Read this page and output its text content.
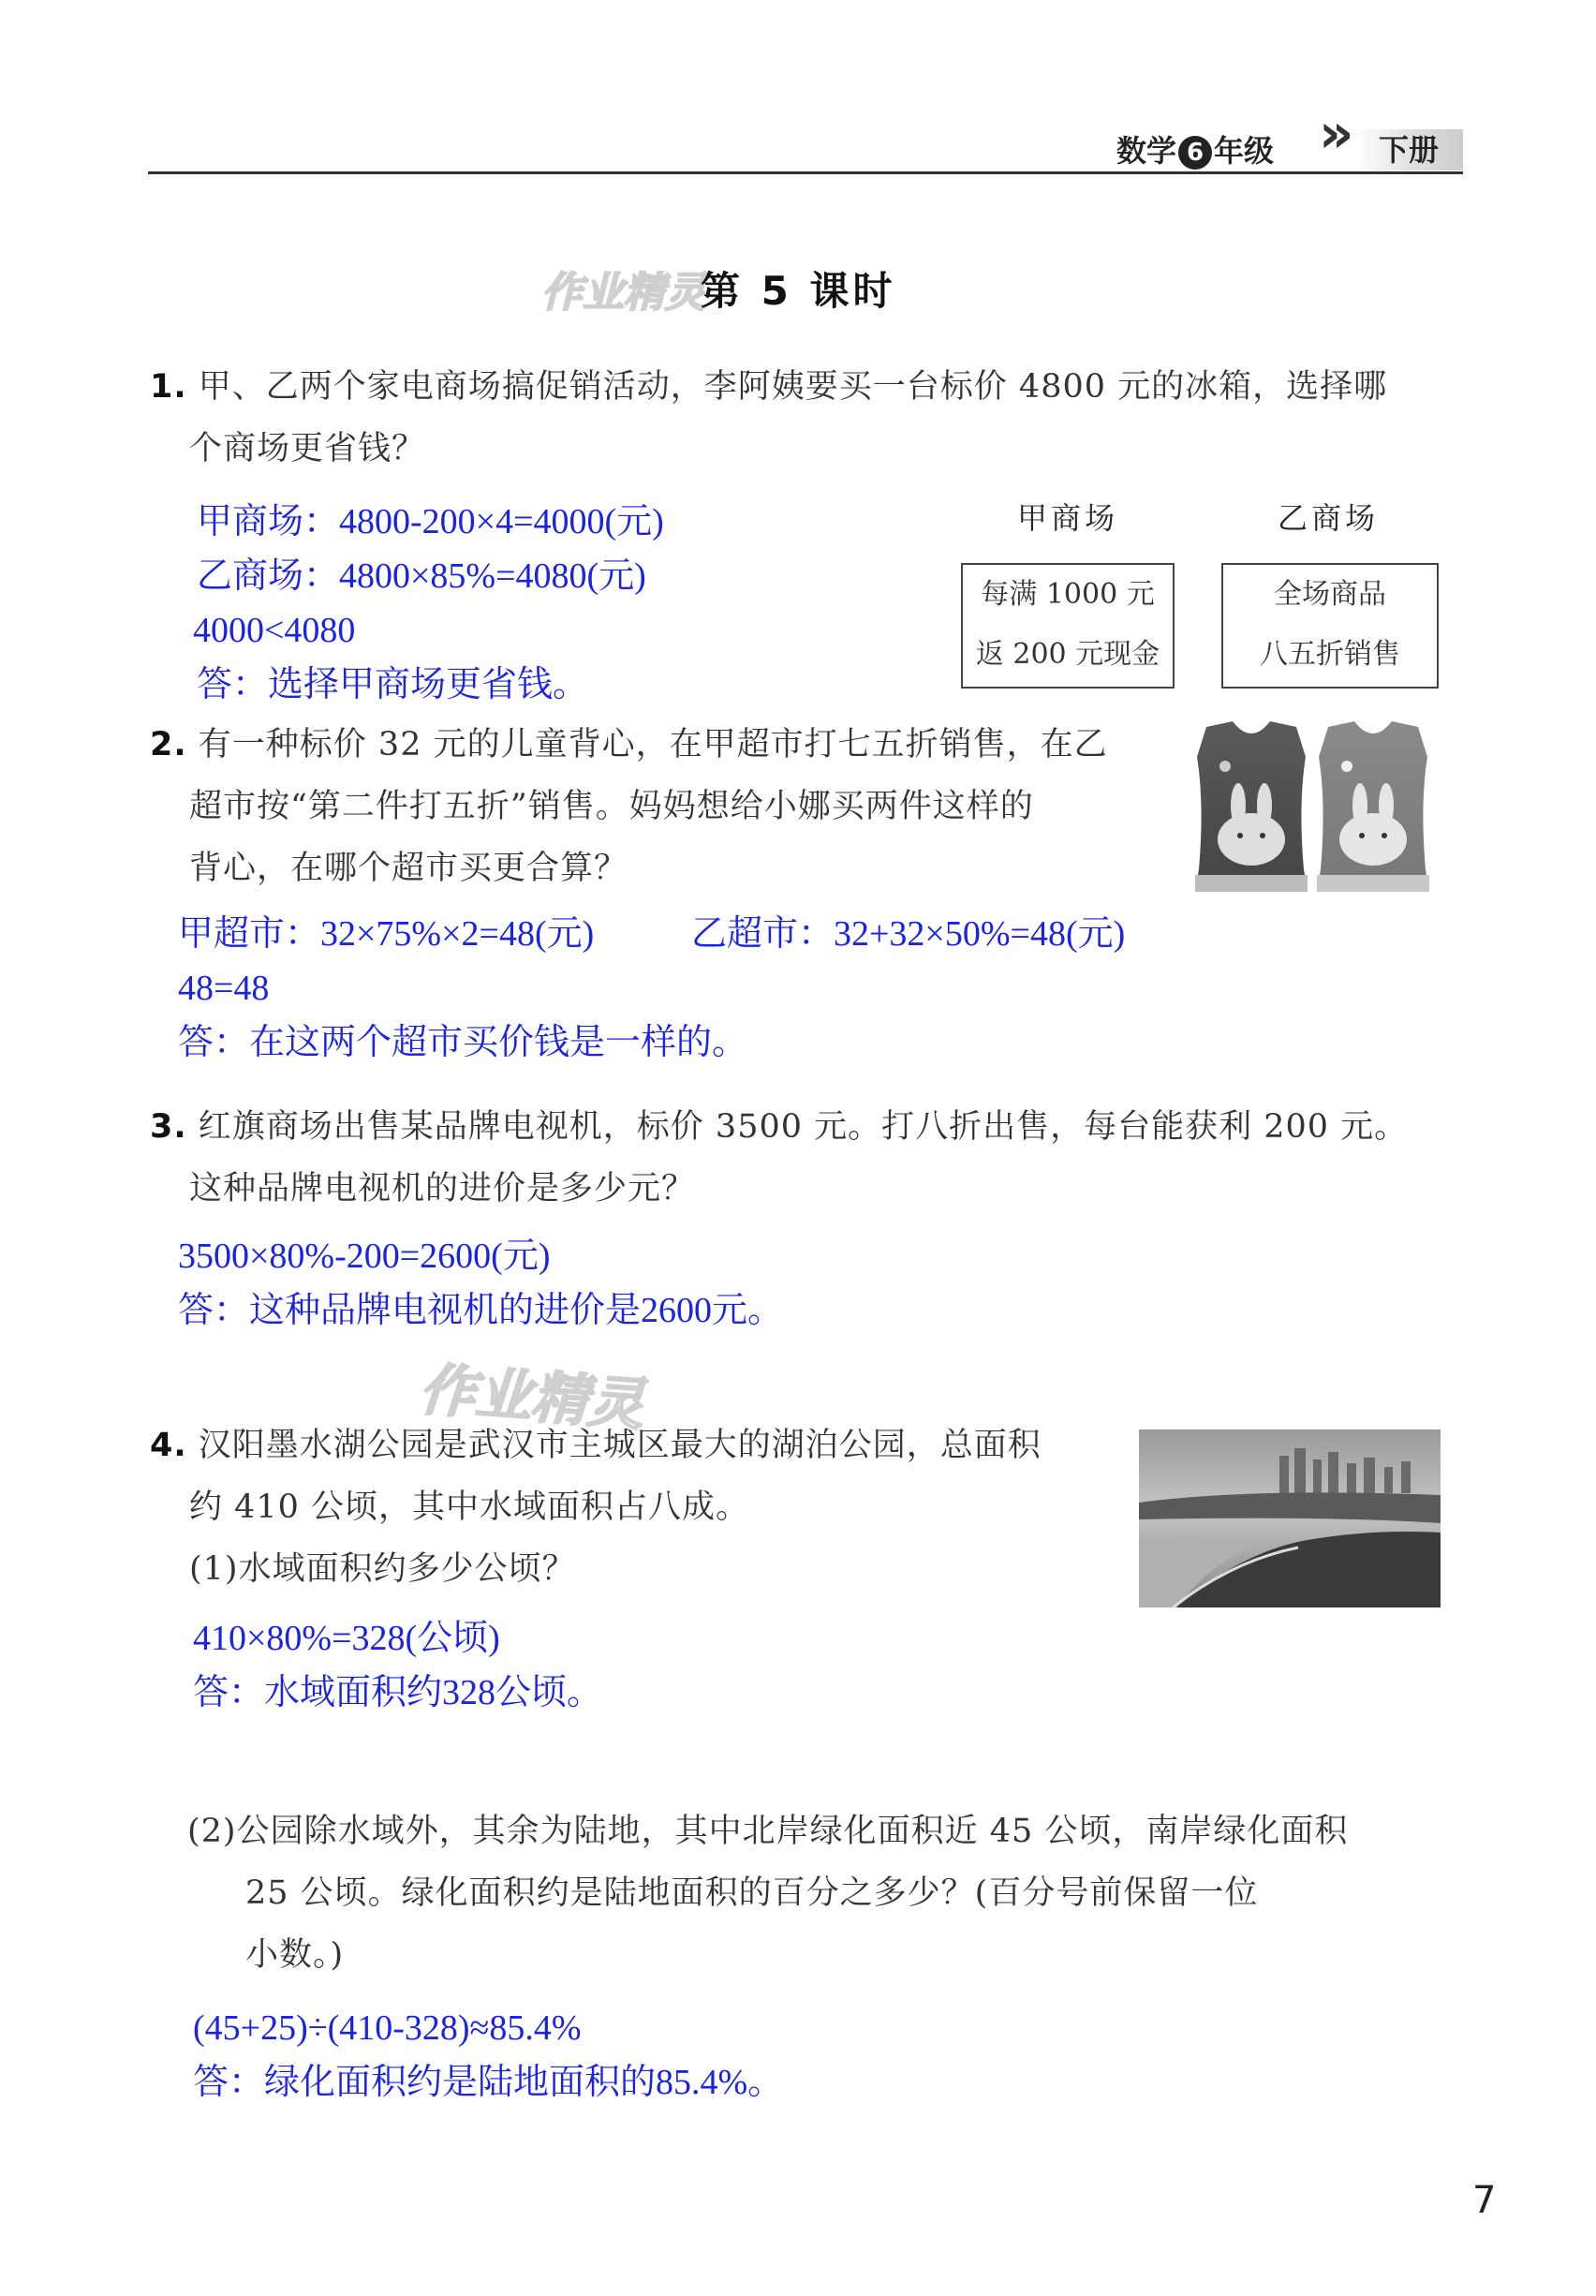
数学 6 年级 »	下册
作业精灵
第 5 课时
1. 甲、乙两个家电商场搞促销活动，李阿姨要买一台标价 4800 元的冰箱，选择哪
个商场更省钱？
甲商场：4800-200×4=4000(元)
乙商场：4800×85%=4080(元)
4000<4080
答：选择甲商场更省钱。
甲商场
每满 1000 元
返 200 元现金
乙商场
全场商品
八五折销售
2. 有一种标价 32 元的儿童背心，在甲超市打七五折销售，在乙
超市按“第二件打五折”销售。妈妈想给小娜买两件这样的
背心，在哪个超市买更合算？
甲超市：32×75%×2=48(元)	乙超市：32+32×50%=48(元)
48=48
答：在这两个超市买价钱是一样的。
3. 红旗商场出售某品牌电视机，标价 3500 元。打八折出售，每台能获利 200 元。
这种品牌电视机的进价是多少元？
3500×80%-200=2600(元)
答：这种品牌电视机的进价是2600元。
作业精灵
4. 汉阳墨水湖公园是武汉市主城区最大的湖泊公园，总面积
约 410 公顷，其中水域面积占八成。
(1)水域面积约多少公顷？
410×80%=328(公顷)
答：水域面积约328公顷。
(2)公园除水域外，其余为陆地，其中北岸绿化面积近 45 公顷，南岸绿化面积
25 公顷。绿化面积约是陆地面积的百分之多少？(百分号前保留一位
小数。)
(45+25)÷(410-328)≈85.4%
答：绿化面积约是陆地面积的85.4%。
7
